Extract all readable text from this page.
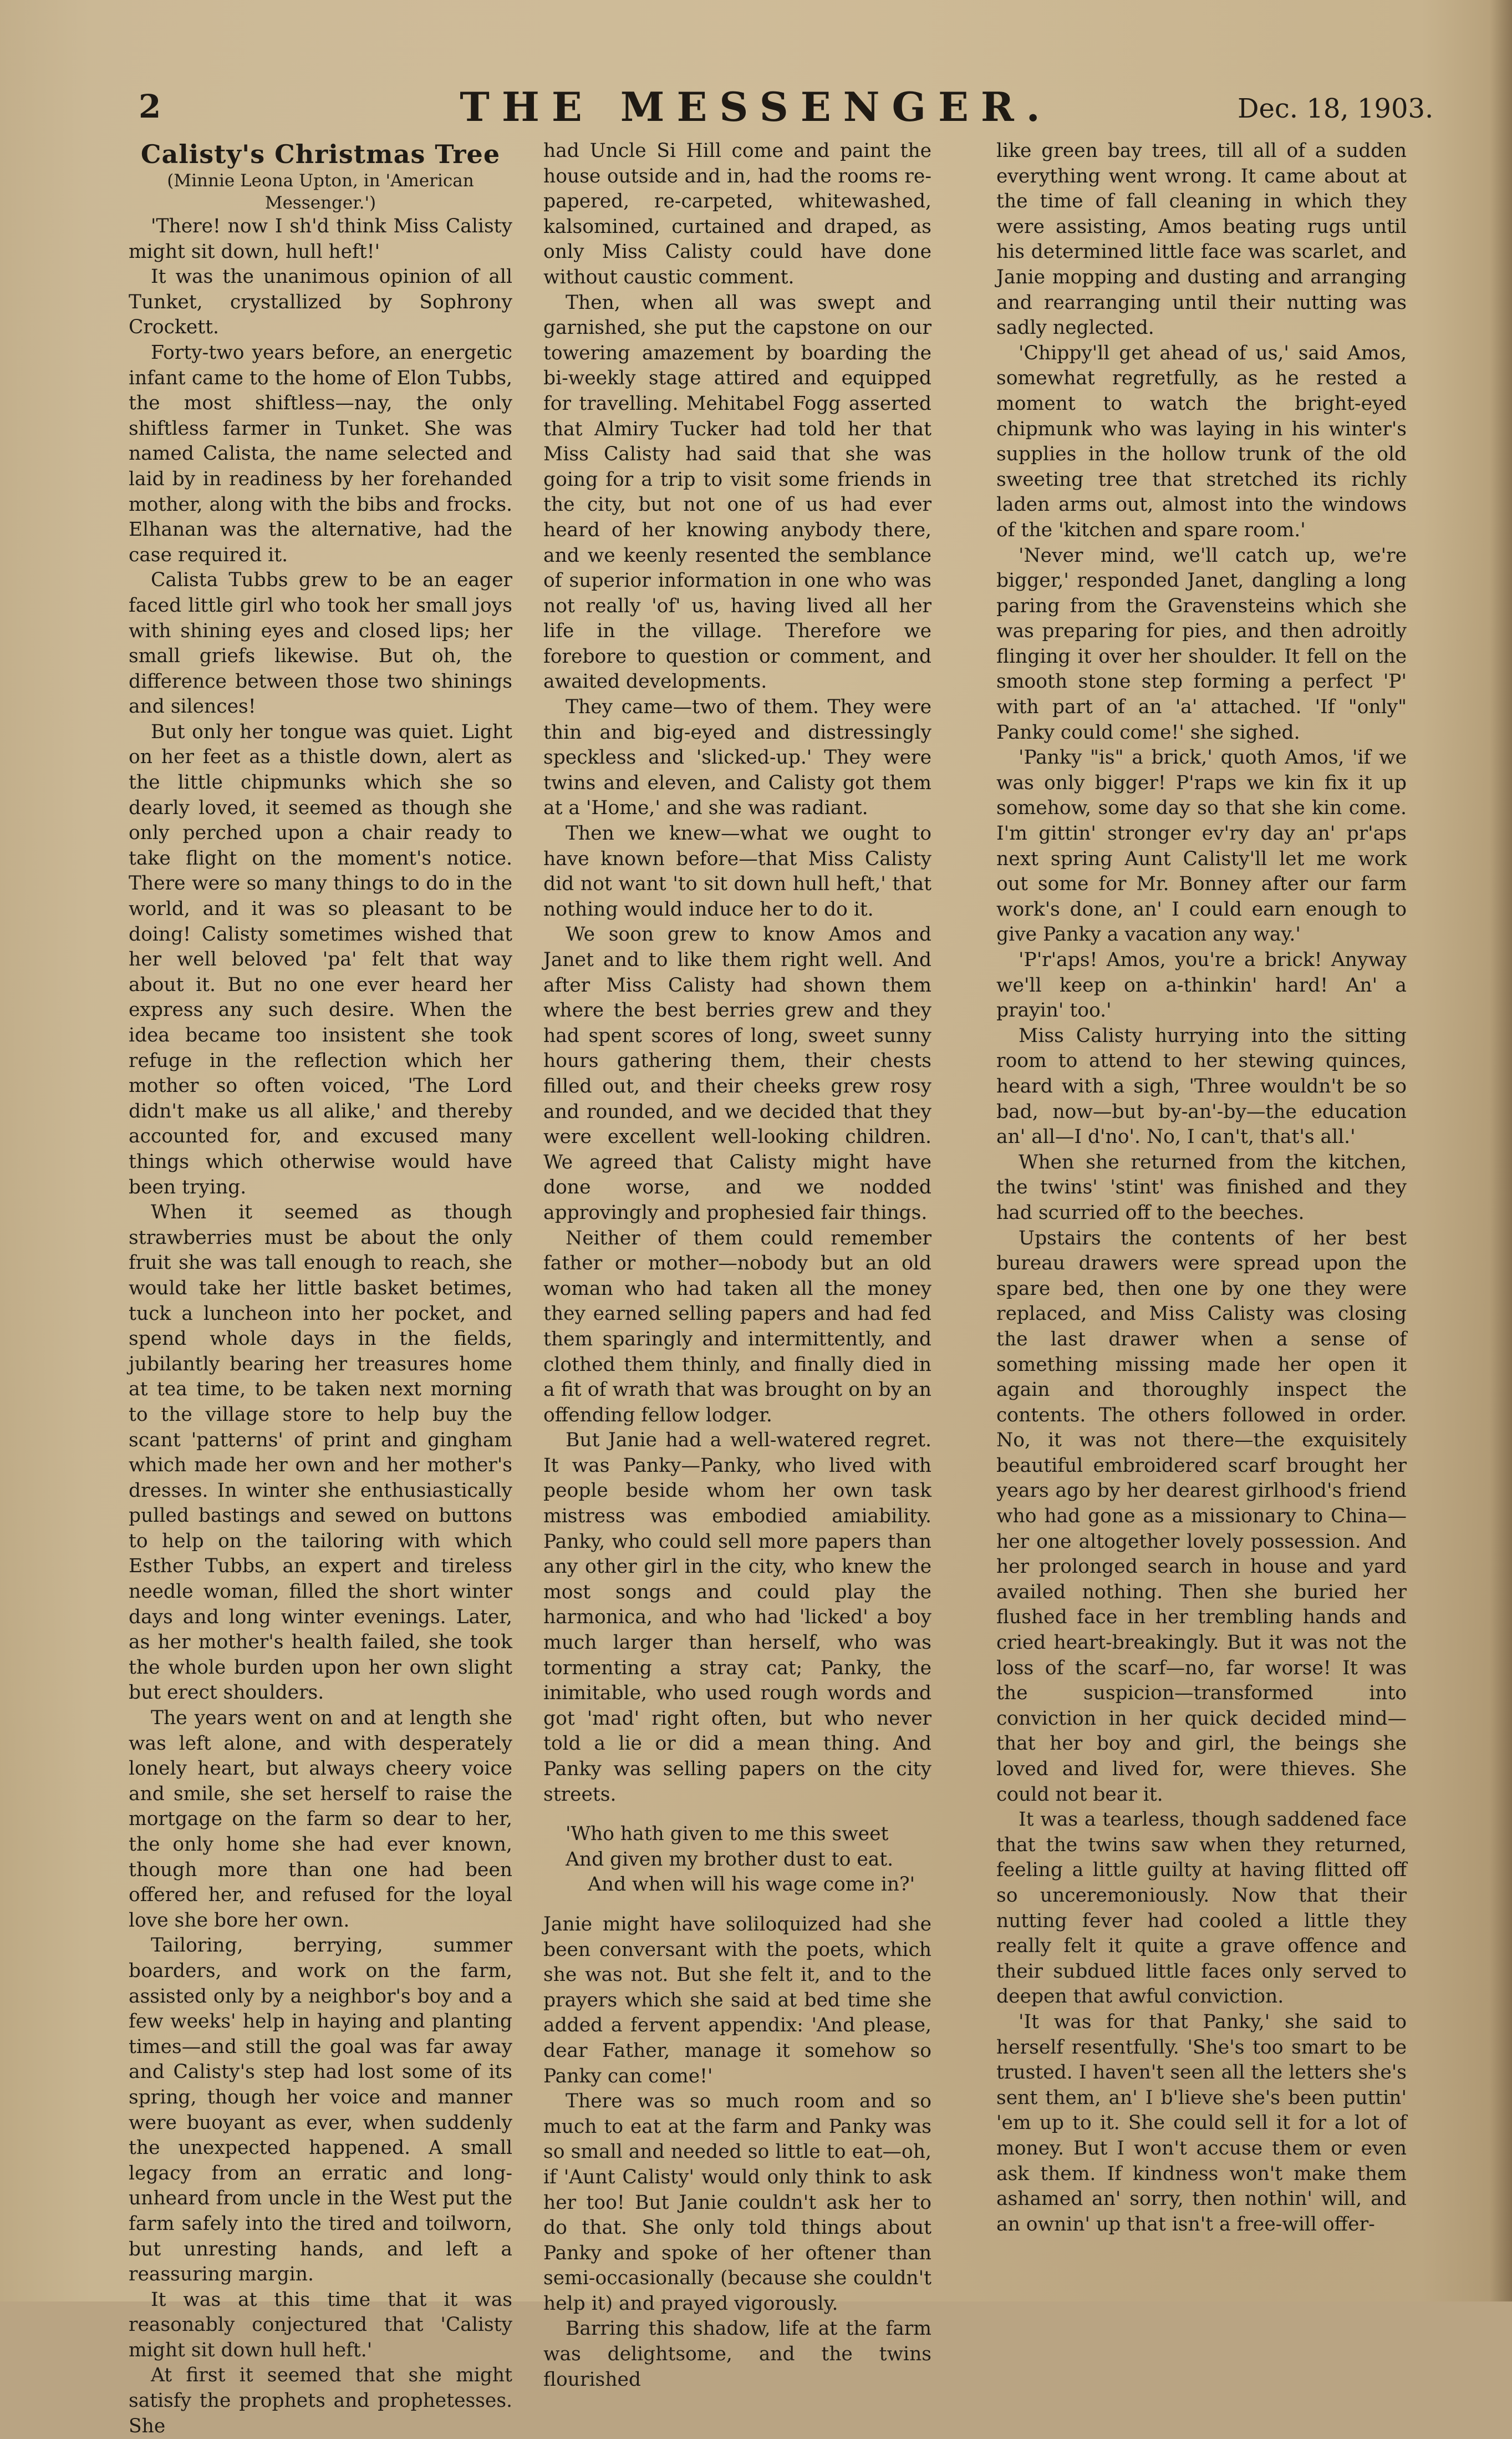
2	THE MESSENGER.	Dec. 18, 1903.

Calisty's Christmas Tree

(Minnie Leona Upton, in 'American Messenger.')

'There! now I sh'd think Miss Calisty might sit down, hull heft!'

It was the unanimous opinion of all Tunket, crystallized by Sophrony Crockett.

Forty-two years before, an energetic infant came to the home of Elon Tubbs, the most shiftless—nay, the only shiftless farmer in Tunket. She was named Calista, the name selected and laid by in readiness by her forehanded mother, along with the bibs and frocks. Elhanan was the alternative, had the case required it.

Calista Tubbs grew to be an eager faced little girl who took her small joys with shining eyes and closed lips; her small griefs likewise. But oh, the difference between those two shinings and silences!

But only her tongue was quiet. Light on her feet as a thistle down, alert as the little chipmunks which she so dearly loved, it seemed as though she only perched upon a chair ready to take flight on the moment's notice. There were so many things to do in the world, and it was so pleasant to be doing! Calisty sometimes wished that her well beloved 'pa' felt that way about it. But no one ever heard her express any such desire. When the idea became too insistent she took refuge in the reflection which her mother so often voiced, 'The Lord didn't make us all alike,' and thereby accounted for, and excused many things which otherwise would have been trying.

When it seemed as though strawberries must be about the only fruit she was tall enough to reach, she would take her little basket betimes, tuck a luncheon into her pocket, and spend whole days in the fields, jubilantly bearing her treasures home at tea time, to be taken next morning to the village store to help buy the scant 'patterns' of print and gingham which made her own and her mother's dresses. In winter she enthusiastically pulled bastings and sewed on buttons to help on the tailoring with which Esther Tubbs, an expert and tireless needle woman, filled the short winter days and long winter evenings. Later, as her mother's health failed, she took the whole burden upon her own slight but erect shoulders.

The years went on and at length she was left alone, and with desperately lonely heart, but always cheery voice and smile, she set herself to raise the mortgage on the farm so dear to her, the only home she had ever known, though more than one had been offered her, and refused for the loyal love she bore her own.

Tailoring, berrying, summer boarders, and work on the farm, assisted only by a neighbor's boy and a few weeks' help in haying and planting times—and still the goal was far away and Calisty's step had lost some of its spring, though her voice and manner were buoyant as ever, when suddenly the unexpected happened. A small legacy from an erratic and long-unheard from uncle in the West put the farm safely into the tired and toilworn, but unresting hands, and left a reassuring margin.

It was at this time that it was reasonably conjectured that 'Calisty might sit down hull heft.'

At first it seemed that she might satisfy the prophets and prophetesses. She

had Uncle Si Hill come and paint the house outside and in, had the rooms re-papered, re-carpeted, whitewashed, kalsomined, curtained and draped, as only Miss Calisty could have done without caustic comment.

Then, when all was swept and garnished, she put the capstone on our towering amazement by boarding the bi-weekly stage attired and equipped for travelling. Mehitabel Fogg asserted that Almiry Tucker had told her that Miss Calisty had said that she was going for a trip to visit some friends in the city, but not one of us had ever heard of her knowing anybody there, and we keenly resented the semblance of superior information in one who was not really 'of' us, having lived all her life in the village. Therefore we forebore to question or comment, and awaited developments.

They came—two of them. They were thin and big-eyed and distressingly speckless and 'slicked-up.' They were twins and eleven, and Calisty got them at a 'Home,' and she was radiant.

Then we knew—what we ought to have known before—that Miss Calisty did not want 'to sit down hull heft,' that nothing would induce her to do it.

We soon grew to know Amos and Janet and to like them right well. And after Miss Calisty had shown them where the best berries grew and they had spent scores of long, sweet sunny hours gathering them, their chests filled out, and their cheeks grew rosy and rounded, and we decided that they were excellent well-looking children. We agreed that Calisty might have done worse, and we nodded approvingly and prophesied fair things.

Neither of them could remember father or mother—nobody but an old woman who had taken all the money they earned selling papers and had fed them sparingly and intermittently, and clothed them thinly, and finally died in a fit of wrath that was brought on by an offending fellow lodger.

But Janie had a well-watered regret. It was Panky—Panky, who lived with people beside whom her own task mistress was embodied amiability. Panky, who could sell more papers than any other girl in the city, who knew the most songs and could play the harmonica, and who had 'licked' a boy much larger than herself, who was tormenting a stray cat; Panky, the inimitable, who used rough words and got 'mad' right often, but who never told a lie or did a mean thing. And Panky was selling papers on the city streets.

'Who hath given to me this sweet

And given my brother dust to eat.

And when will his wage come in?'

Janie might have soliloquized had she been conversant with the poets, which she was not. But she felt it, and to the prayers which she said at bed time she added a fervent appendix: 'And please, dear Father, manage it somehow so Panky can come!'

There was so much room and so much to eat at the farm and Panky was so small and needed so little to eat—oh, if 'Aunt Calisty' would only think to ask her too! But Janie couldn't ask her to do that. She only told things about Panky and spoke of her oftener than semi-occasionally (because she couldn't help it) and prayed vigorously.

Barring this shadow, life at the farm was delightsome, and the twins flourished

like green bay trees, till all of a sudden everything went wrong. It came about at the time of fall cleaning in which they were assisting, Amos beating rugs until his determined little face was scarlet, and Janie mopping and dusting and arranging and rearranging until their nutting was sadly neglected.

'Chippy'll get ahead of us,' said Amos, somewhat regretfully, as he rested a moment to watch the bright-eyed chipmunk who was laying in his winter's supplies in the hollow trunk of the old sweeting tree that stretched its richly laden arms out, almost into the windows of the 'kitchen and spare room.'

'Never mind, we'll catch up, we're bigger,' responded Janet, dangling a long paring from the Gravensteins which she was preparing for pies, and then adroitly flinging it over her shoulder. It fell on the smooth stone step forming a perfect 'P' with part of an 'a' attached. 'If "only" Panky could come!' she sighed.

'Panky "is" a brick,' quoth Amos, 'if we was only bigger! P'raps we kin fix it up somehow, some day so that she kin come. I'm gittin' stronger ev'ry day an' pr'aps next spring Aunt Calisty'll let me work out some for Mr. Bonney after our farm work's done, an' I could earn enough to give Panky a vacation any way.'

'P'r'aps! Amos, you're a brick! Anyway we'll keep on a-thinkin' hard! An' a prayin' too.'

Miss Calisty hurrying into the sitting room to attend to her stewing quinces, heard with a sigh, 'Three wouldn't be so bad, now—but by-an'-by—the education an' all—I d'no'. No, I can't, that's all.'

When she returned from the kitchen, the twins' 'stint' was finished and they had scurried off to the beeches.

Upstairs the contents of her best bureau drawers were spread upon the spare bed, then one by one they were replaced, and Miss Calisty was closing the last drawer when a sense of something missing made her open it again and thoroughly inspect the contents. The others followed in order. No, it was not there—the exquisitely beautiful embroidered scarf brought her years ago by her dearest girlhood's friend who had gone as a missionary to China—her one altogether lovely possession. And her prolonged search in house and yard availed nothing. Then she buried her flushed face in her trembling hands and cried heart-breakingly. But it was not the loss of the scarf—no, far worse! It was the suspicion—transformed into conviction in her quick decided mind—that her boy and girl, the beings she loved and lived for, were thieves. She could not bear it.

It was a tearless, though saddened face that the twins saw when they returned, feeling a little guilty at having flitted off so unceremoniously. Now that their nutting fever had cooled a little they really felt it quite a grave offence and their subdued little faces only served to deepen that awful conviction.

'It was for that Panky,' she said to herself resentfully. 'She's too smart to be trusted. I haven't seen all the letters she's sent them, an' I b'lieve she's been puttin' 'em up to it. She could sell it for a lot of money. But I won't accuse them or even ask them. If kindness won't make them ashamed an' sorry, then nothin' will, and an ownin' up that isn't a free-will offer-
